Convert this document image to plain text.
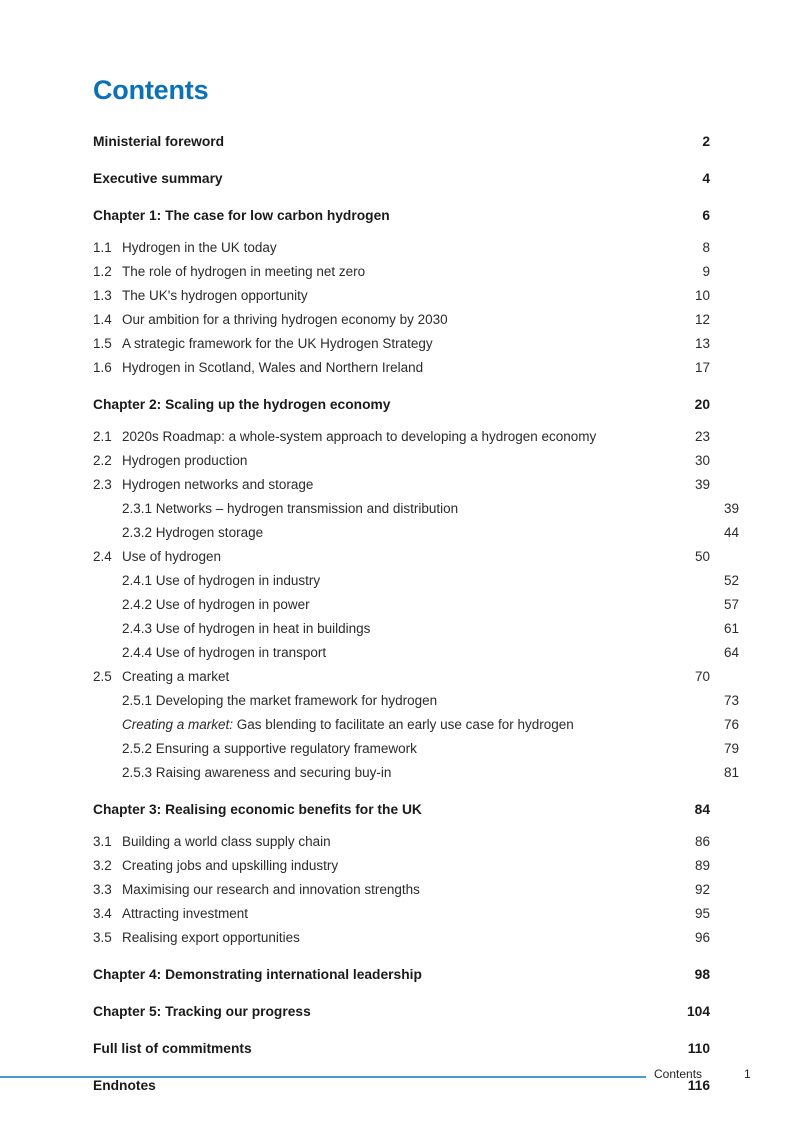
Contents
Ministerial foreword	2
Executive summary	4
Chapter 1: The case for low carbon hydrogen	6
1.1 Hydrogen in the UK today	8
1.2 The role of hydrogen in meeting net zero	9
1.3 The UK's hydrogen opportunity	10
1.4 Our ambition for a thriving hydrogen economy by 2030	12
1.5 A strategic framework for the UK Hydrogen Strategy	13
1.6 Hydrogen in Scotland, Wales and Northern Ireland	17
Chapter 2: Scaling up the hydrogen economy	20
2.1 2020s Roadmap: a whole-system approach to developing a hydrogen economy	23
2.2 Hydrogen production	30
2.3 Hydrogen networks and storage	39
2.3.1 Networks – hydrogen transmission and distribution	39
2.3.2 Hydrogen storage	44
2.4 Use of hydrogen	50
2.4.1 Use of hydrogen in industry	52
2.4.2 Use of hydrogen in power	57
2.4.3 Use of hydrogen in heat in buildings	61
2.4.4 Use of hydrogen in transport	64
2.5 Creating a market	70
2.5.1 Developing the market framework for hydrogen	73
Creating a market: Gas blending to facilitate an early use case for hydrogen	76
2.5.2 Ensuring a supportive regulatory framework	79
2.5.3 Raising awareness and securing buy-in	81
Chapter 3: Realising economic benefits for the UK	84
3.1 Building a world class supply chain	86
3.2 Creating jobs and upskilling industry	89
3.3 Maximising our research and innovation strengths	92
3.4 Attracting investment	95
3.5 Realising export opportunities	96
Chapter 4: Demonstrating international leadership	98
Chapter 5: Tracking our progress	104
Full list of commitments	110
Endnotes	116
Contents	1
